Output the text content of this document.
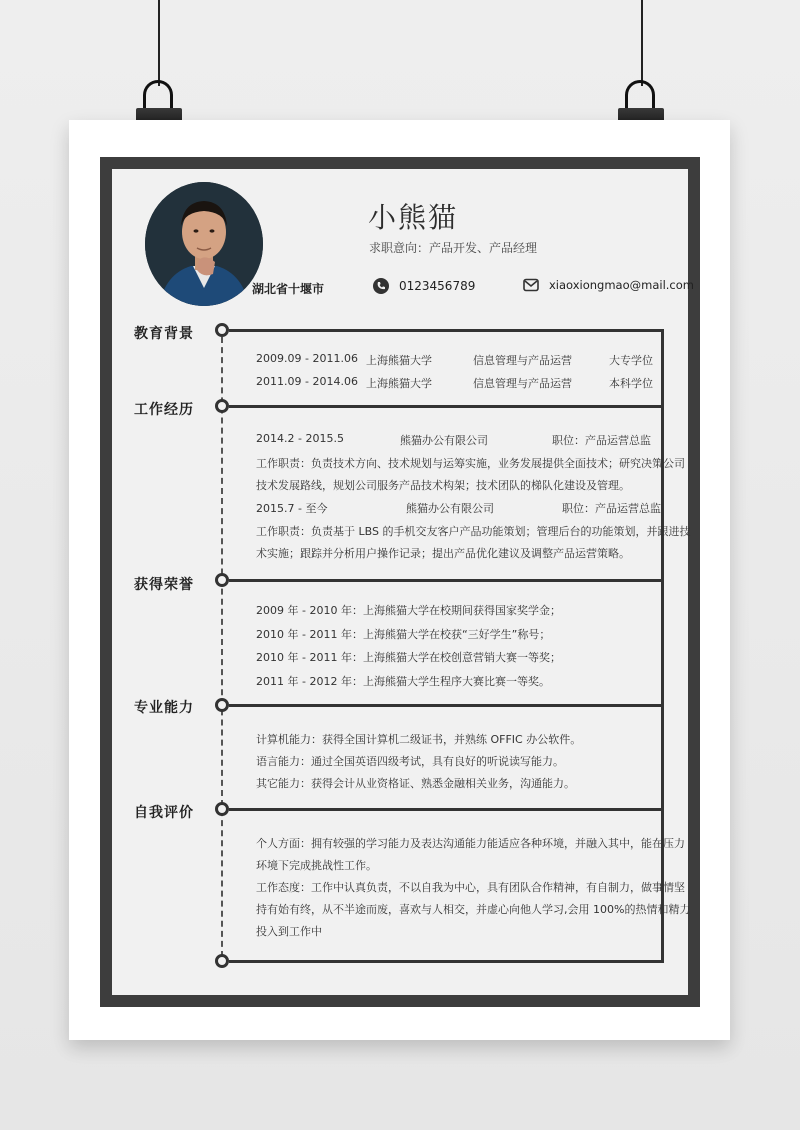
小熊猫
求职意向：产品开发、产品经理
湖北省十堰市	0123456789	xiaoxiongmao@mail.com
教育背景
2009.09 - 2011.06 上海熊猫大学	信息管理与产品运营	大专学位
2011.09 - 2014.06 上海熊猫大学	信息管理与产品运营	本科学位
工作经历
2014.2 - 2015.5	熊猫办公有限公司	职位：产品运营总监
工作职责：负责技术方向、技术规划与运筹实施，业务发展提供全面技术；研究决策公司
技术发展路线，规划公司服务产品技术构架；技术团队的梯队化建设及管理。
2015.7 - 至今	熊猫办公有限公司	职位：产品运营总监
工作职责：负责基于 LBS 的手机交友客户产品功能策划；管理后台的功能策划，并跟进技
术实施；跟踪并分析用户操作记录；提出产品优化建议及调整产品运营策略。
获得荣誉
2009 年 - 2010 年：上海熊猫大学在校期间获得国家奖学金；
2010 年 - 2011 年：上海熊猫大学在校获“三好学生”称号；
2010 年 - 2011 年：上海熊猫大学在校创意营销大赛一等奖；
2011 年 - 2012 年：上海熊猫大学生程序大赛比赛一等奖。
专业能力
计算机能力：获得全国计算机二级证书，并熟练 OFFIC 办公软件。
语言能力：通过全国英语四级考试，具有良好的听说读写能力。
其它能力：获得会计从业资格证、熟悉金融相关业务，沟通能力。
自我评价
个人方面：拥有较强的学习能力及表达沟通能力能适应各种环境，并融入其中，能在压力
环境下完成挑战性工作。
工作态度：工作中认真负责，不以自我为中心，具有团队合作精神，有自制力，做事情坚
持有始有终，从不半途而废，喜欢与人相交，并虚心向他人学习,会用 100%的热情和精力
投入到工作中
